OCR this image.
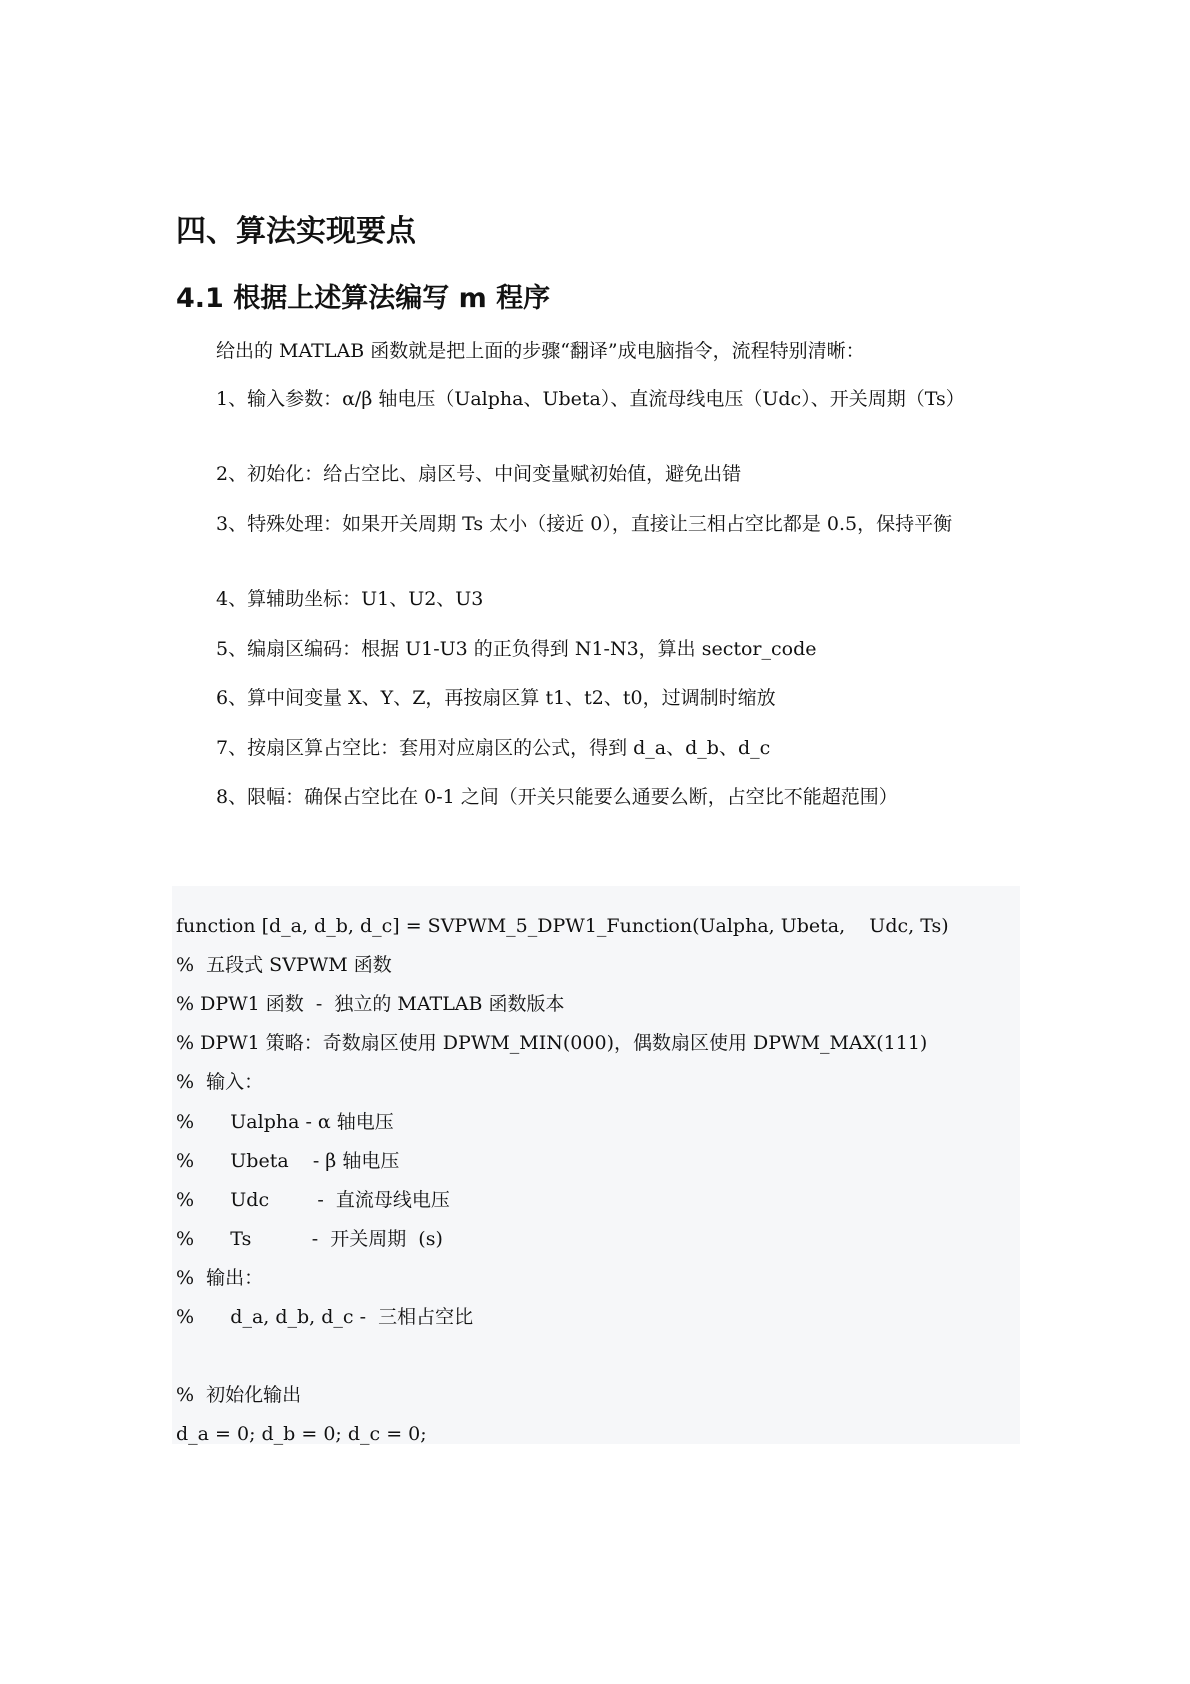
四、算法实现要点
4.1 根据上述算法编写 m 程序
给出的 MATLAB 函数就是把上面的步骤“翻译”成电脑指令，流程特别清晰：
1、输入参数：α/β 轴电压（Ualpha、Ubeta）、直流母线电压（Udc）、开关周期（Ts）
2、初始化：给占空比、扇区号、中间变量赋初始值，避免出错
3、特殊处理：如果开关周期 Ts 太小（接近 0），直接让三相占空比都是 0.5，保持平衡
4、算辅助坐标：U1、U2、U3
5、编扇区编码：根据 U1-U3 的正负得到 N1-N3，算出 sector_code
6、算中间变量 X、Y、Z，再按扇区算 t1、t2、t0，过调制时缩放
7、按扇区算占空比：套用对应扇区的公式，得到 d_a、d_b、d_c
8、限幅：确保占空比在 0-1 之间（开关只能要么通要么断，占空比不能超范围）
function [d_a, d_b, d_c] = SVPWM_5_DPW1_Function(Ualpha, Ubeta,    Udc, Ts)
%  五段式 SVPWM 函数
% DPW1 函数  -  独立的 MATLAB 函数版本
% DPW1 策略：奇数扇区使用 DPWM_MIN(000)，偶数扇区使用 DPWM_MAX(111)
%  输入：
%      Ualpha - α 轴电压
%      Ubeta    - β 轴电压
%      Udc        -  直流母线电压
%      Ts          -  开关周期  (s)
%  输出：
%      d_a, d_b, d_c -  三相占空比
%  初始化输出
d_a = 0; d_b = 0; d_c = 0;
